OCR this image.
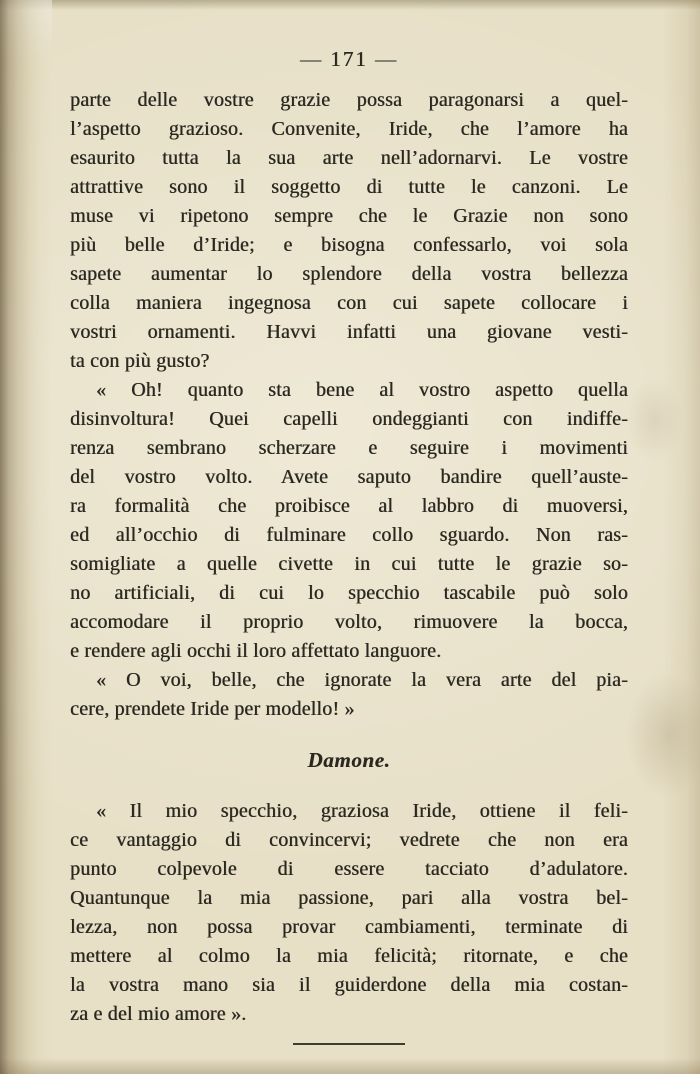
— 171 —

parte delle vostre grazie possa paragonarsi a quel-
l’aspetto grazioso. Convenite, Iride, che l’amore ha
esaurito tutta la sua arte nell’adornarvi. Le vostre
attrattive sono il soggetto di tutte le canzoni. Le
muse vi ripetono sempre che le Grazie non sono
più belle d’Iride; e bisogna confessarlo, voi sola
sapete aumentar lo splendore della vostra bellezza
colla maniera ingegnosa con cui sapete collocare i
vostri ornamenti. Havvi infatti una giovane vesti-
ta con più gusto?

« Oh! quanto sta bene al vostro aspetto quella
disinvoltura! Quei capelli ondeggianti con indiffe-
renza sembrano scherzare e seguire i movimenti
del vostro volto. Avete saputo bandire quell’auste-
ra formalità che proibisce al labbro di muoversi,
ed all’occhio di fulminare collo sguardo. Non ras-
somigliate a quelle civette in cui tutte le grazie so-
no artificiali, di cui lo specchio tascabile può solo
accomodare il proprio volto, rimuovere la bocca,
e rendere agli occhi il loro affettato languore.

« O voi, belle, che ignorate la vera arte del pia-
cere, prendete Iride per modello! »

Damone.

« Il mio specchio, graziosa Iride, ottiene il feli-
ce vantaggio di convincervi; vedrete che non era
punto colpevole di essere tacciato d’adulatore.
Quantunque la mia passione, pari alla vostra bel-
lezza, non possa provar cambiamenti, terminate di
mettere al colmo la mia felicità; ritornate, e che
la vostra mano sia il guiderdone della mia costan-
za e del mio amore ».
